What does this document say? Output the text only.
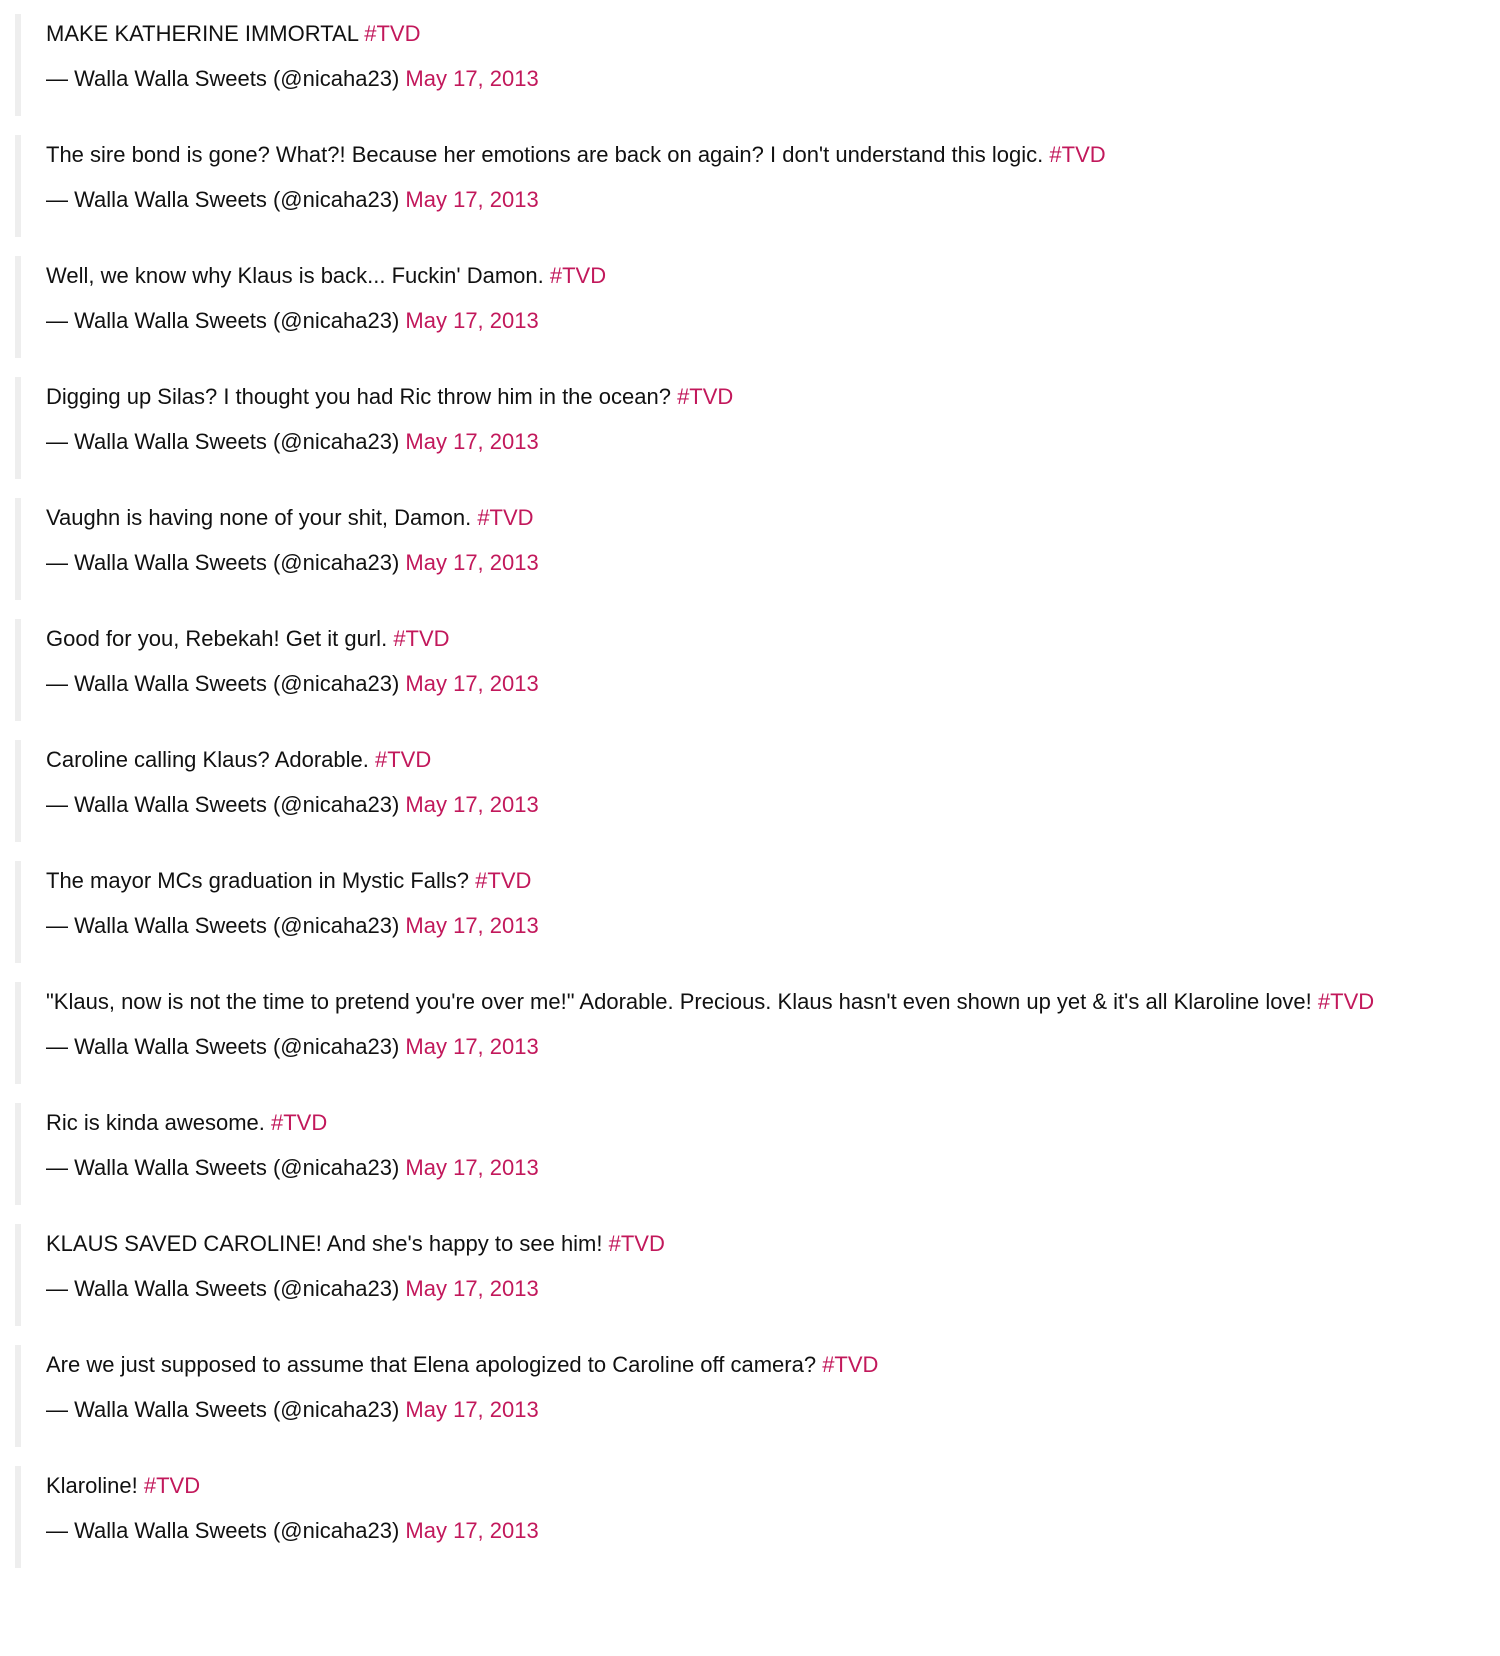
MAKE KATHERINE IMMORTAL #TVD
— Walla Walla Sweets (@nicaha23) May 17, 2013
The sire bond is gone? What?! Because her emotions are back on again? I don't understand this logic. #TVD
— Walla Walla Sweets (@nicaha23) May 17, 2013
Well, we know why Klaus is back... Fuckin' Damon. #TVD
— Walla Walla Sweets (@nicaha23) May 17, 2013
Digging up Silas? I thought you had Ric throw him in the ocean? #TVD
— Walla Walla Sweets (@nicaha23) May 17, 2013
Vaughn is having none of your shit, Damon. #TVD
— Walla Walla Sweets (@nicaha23) May 17, 2013
Good for you, Rebekah! Get it gurl. #TVD
— Walla Walla Sweets (@nicaha23) May 17, 2013
Caroline calling Klaus? Adorable. #TVD
— Walla Walla Sweets (@nicaha23) May 17, 2013
The mayor MCs graduation in Mystic Falls? #TVD
— Walla Walla Sweets (@nicaha23) May 17, 2013
"Klaus, now is not the time to pretend you're over me!" Adorable. Precious. Klaus hasn't even shown up yet & it's all Klaroline love! #TVD
— Walla Walla Sweets (@nicaha23) May 17, 2013
Ric is kinda awesome. #TVD
— Walla Walla Sweets (@nicaha23) May 17, 2013
KLAUS SAVED CAROLINE! And she's happy to see him! #TVD
— Walla Walla Sweets (@nicaha23) May 17, 2013
Are we just supposed to assume that Elena apologized to Caroline off camera? #TVD
— Walla Walla Sweets (@nicaha23) May 17, 2013
Klaroline! #TVD
— Walla Walla Sweets (@nicaha23) May 17, 2013
